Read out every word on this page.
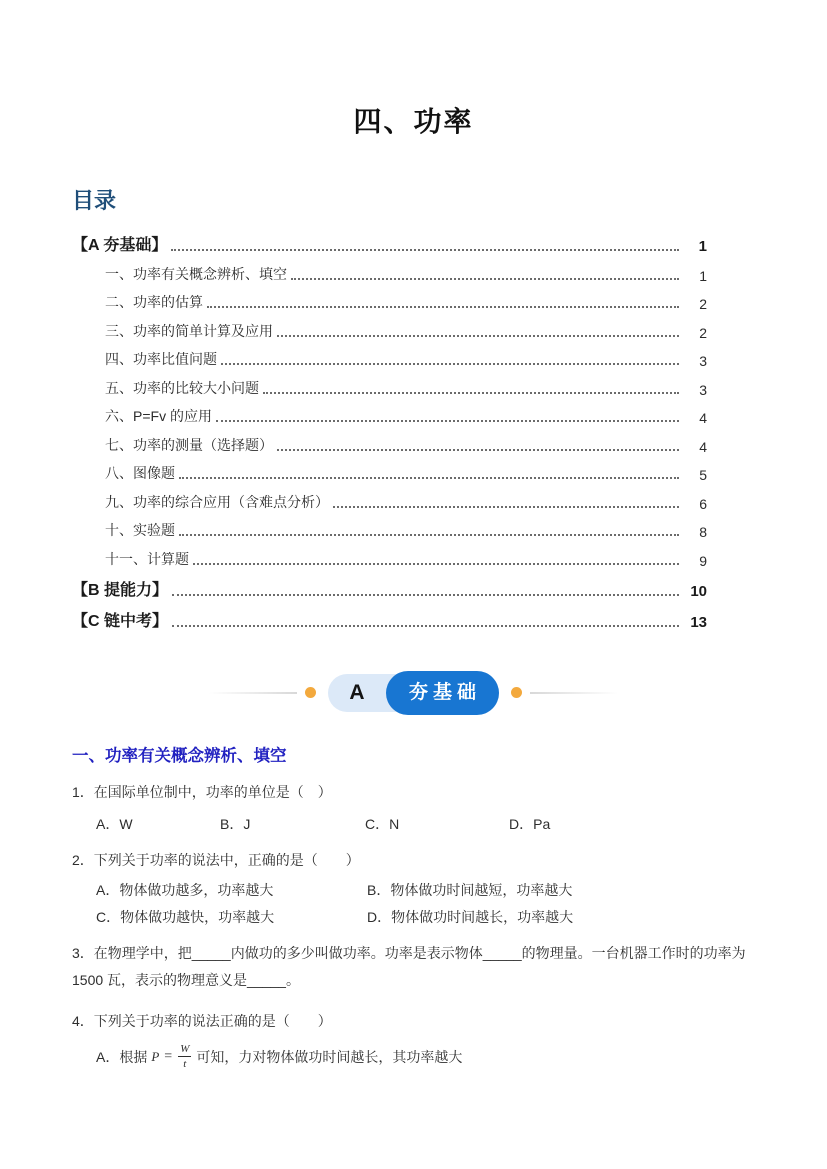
四、功率
目录
【A 夯基础】	1
一、功率有关概念辨析、填空	1
二、功率的估算	2
三、功率的简单计算及应用	2
四、功率比值问题	3
五、功率的比较大小问题	3
六、P=Fv 的应用	4
七、功率的测量（选择题）	4
八、图像题	5
九、功率的综合应用（含难点分析）	6
十、实验题	8
十一、计算题	9
【B 提能力】	10
【C 链中考】	13
A	夯基础
一、功率有关概念辨析、填空
1．在国际单位制中，功率的单位是（　）
A．W	B．J	C．N	D．Pa
2．下列关于功率的说法中，正确的是（　　）
A．物体做功越多，功率越大	B．物体做功时间越短，功率越大
C．物体做功越快，功率越大	D．物体做功时间越长，功率越大
3．在物理学中，把_____内做功的多少叫做功率。功率是表示物体_____的物理量。一台机器工作时的功率为 1500 瓦，表示的物理意义是_____。
4．下列关于功率的说法正确的是（　　）
A．根据 $P = \frac{W}{t}$ 可知，力对物体做功时间越长，其功率越大
